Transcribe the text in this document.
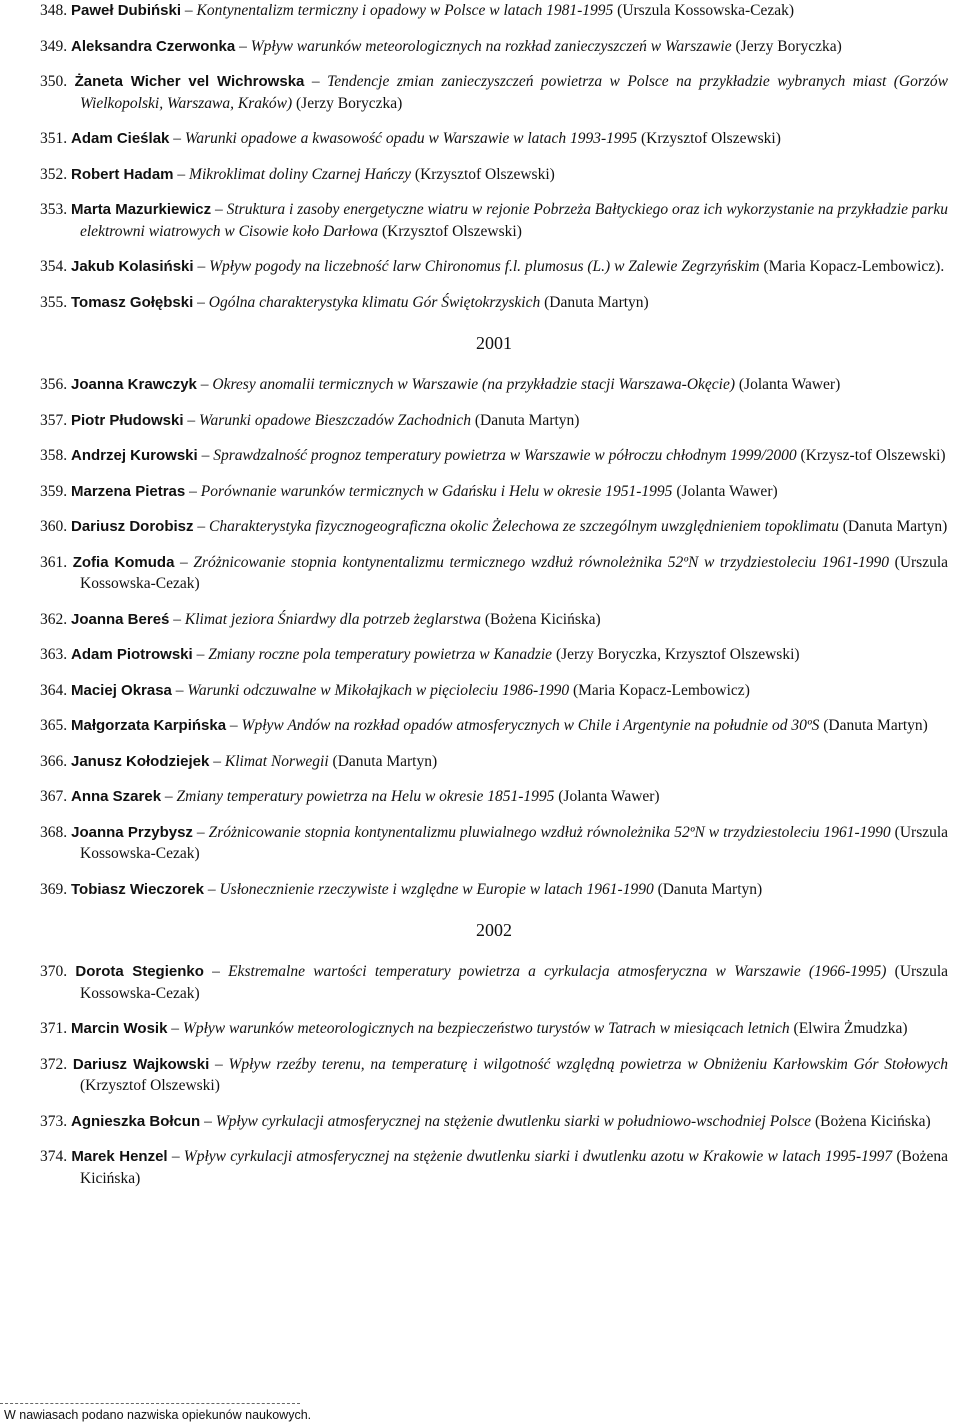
348. Paweł Dubiński – Kontynentalizm termiczny i opadowy w Polsce w latach 1981-1995 (Urszula Kossowska-Cezak)

349. Aleksandra Czerwonka – Wpływ warunków meteorologicznych na rozkład zanieczyszczeń w Warszawie (Jerzy Boryczka)

350. Żaneta Wicher vel Wichrowska – Tendencje zmian zanieczyszczeń powietrza w Polsce na przykładzie wybranych miast (Gorzów Wielkopolski, Warszawa, Kraków) (Jerzy Boryczka)

351. Adam Cieślak – Warunki opadowe a kwasowość opadu w Warszawie w latach 1993-1995 (Krzysztof Olszewski)

352. Robert Hadam – Mikroklimat doliny Czarnej Hańczy (Krzysztof Olszewski)

353. Marta Mazurkiewicz – Struktura i zasoby energetyczne wiatru w rejonie Pobrzeża Bałtyckiego oraz ich wykorzystanie na przykładzie parku elektrowni wiatrowych w Cisowie koło Darłowa (Krzysztof Olszewski)

354. Jakub Kolasiński – Wpływ pogody na liczebność larw Chironomus f.l. plumosus (L.) w Zalewie Zegrzyńskim (Maria Kopacz-Lembowicz).

355. Tomasz Gołębski – Ogólna charakterystyka klimatu Gór Świętokrzyskich (Danuta Martyn)

2001

356. Joanna Krawczyk – Okresy anomalii termicznych w Warszawie (na przykładzie stacji Warszawa-Okęcie) (Jolanta Wawer)

357. Piotr Płudowski – Warunki opadowe Bieszczadów Zachodnich (Danuta Martyn)

358. Andrzej Kurowski – Sprawdzalność prognoz temperatury powietrza w Warszawie w półroczu chłodnym 1999/2000 (Krzysz-tof Olszewski)

359. Marzena Pietras – Porównanie warunków termicznych w Gdańsku i Helu w okresie 1951-1995 (Jolanta Wawer)

360. Dariusz Dorobisz – Charakterystyka fizycznogeograficzna okolic Żelechowa ze szczególnym uwzględnieniem topoklimatu (Danuta Martyn)

361. Zofia Komuda – Zróżnicowanie stopnia kontynentalizmu termicznego wzdłuż równoleżnika 52ºN w trzydziestoleciu 1961-1990 (Urszula Kossowska-Cezak)

362. Joanna Bereś – Klimat jeziora Śniardwy dla potrzeb żeglarstwa (Bożena Kicińska)

363. Adam Piotrowski – Zmiany roczne pola temperatury powietrza w Kanadzie (Jerzy Boryczka, Krzysztof Olszewski)

364. Maciej Okrasa – Warunki odczuwalne w Mikołajkach w pięcioleciu 1986-1990 (Maria Kopacz-Lembowicz)

365. Małgorzata Karpińska – Wpływ Andów na rozkład opadów atmosferycznych w Chile i Argentynie na południe od 30ºS (Danuta Martyn)

366. Janusz Kołodziejek – Klimat Norwegii (Danuta Martyn)

367. Anna Szarek – Zmiany temperatury powietrza na Helu w okresie 1851-1995 (Jolanta Wawer)

368. Joanna Przybysz – Zróżnicowanie stopnia kontynentalizmu pluwialnego wzdłuż równoleżnika 52ºN w trzydziestoleciu 1961-1990 (Urszula Kossowska-Cezak)

369. Tobiasz Wieczorek – Usłonecznienie rzeczywiste i względne w Europie w latach 1961-1990 (Danuta Martyn)

2002

370. Dorota Stegienko – Ekstremalne wartości temperatury powietrza a cyrkulacja atmosferyczna w Warszawie (1966-1995) (Urszula Kossowska-Cezak)

371. Marcin Wosik – Wpływ warunków meteorologicznych na bezpieczeństwo turystów w Tatrach w miesiącach letnich (Elwira Żmudzka)

372. Dariusz Wajkowski – Wpływ rzeźby terenu, na temperaturę i wilgotność względną powietrza w Obniżeniu Karłowskim Gór Stołowych (Krzysztof Olszewski)

373. Agnieszka Bołcun – Wpływ cyrkulacji atmosferycznej na stężenie dwutlenku siarki w południowo-wschodniej Polsce (Bożena Kicińska)

374. Marek Henzel – Wpływ cyrkulacji atmosferycznej na stężenie dwutlenku siarki i dwutlenku azotu w Krakowie w latach 1995-1997 (Bożena Kicińska)

W nawiasach podano nazwiska opiekunów naukowych.
